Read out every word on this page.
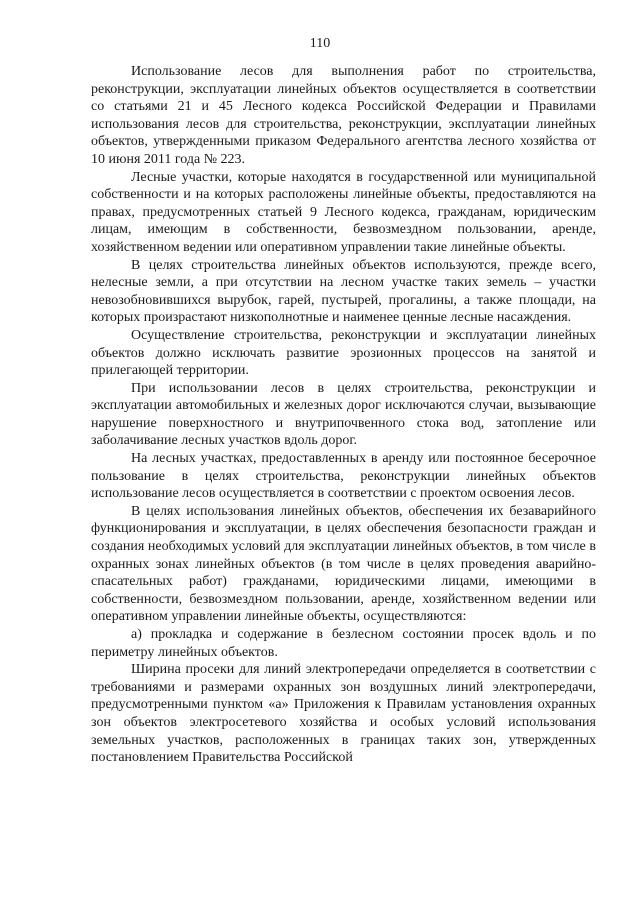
110

Использование лесов для выполнения работ по строительства, реконструкции, эксплуатации линейных объектов осуществляется в соответствии со статьями 21 и 45 Лесного кодекса Российской Федерации и Правилами использования лесов для строительства, реконструкции, эксплуатации линейных объектов, утвержденными приказом Федерального агентства лесного хозяйства от 10 июня 2011 года № 223.

Лесные участки, которые находятся в государственной или муниципальной собственности и на которых расположены линейные объекты, предоставляются на правах, предусмотренных статьей 9 Лесного кодекса, гражданам, юридическим лицам, имеющим в собственности, безвозмездном пользовании, аренде, хозяйственном ведении или оперативном управлении такие линейные объекты.

В целях строительства линейных объектов используются, прежде всего, нелесные земли, а при отсутствии на лесном участке таких земель – участки невозобновившихся вырубок, гарей, пустырей, прогалины, а также площади, на которых произрастают низкополнотные и наименее ценные лесные насаждения.

Осуществление строительства, реконструкции и эксплуатации линейных объектов должно исключать развитие эрозионных процессов на занятой и прилегающей территории.

При использовании лесов в целях строительства, реконструкции и эксплуатации автомобильных и железных дорог исключаются случаи, вызывающие нарушение поверхностного и внутрипочвенного стока вод, затопление или заболачивание лесных участков вдоль дорог.

На лесных участках, предоставленных в аренду или постоянное бесерочное пользование в целях строительства, реконструкции линейных объектов использование лесов осуществляется в соответствии с проектом освоения лесов.

В целях использования линейных объектов, обеспечения их безаварийного функционирования и эксплуатации, в целях обеспечения безопасности граждан и создания необходимых условий для эксплуатации линейных объектов, в том числе в охранных зонах линейных объектов (в том числе в целях проведения аварийно-спасательных работ) гражданами, юридическими лицами, имеющими в собственности, безвозмездном пользовании, аренде, хозяйственном ведении или оперативном управлении линейные объекты, осуществляются:

а) прокладка и содержание в безлесном состоянии просек вдоль и по периметру линейных объектов.

Ширина просеки для линий электропередачи определяется в соответствии с требованиями и размерами охранных зон воздушных линий электропередачи, предусмотренными пунктом «а» Приложения к Правилам установления охранных зон объектов электросетевого хозяйства и особых условий использования земельных участков, расположенных в границах таких зон, утвержденных постановлением Правительства Российской
